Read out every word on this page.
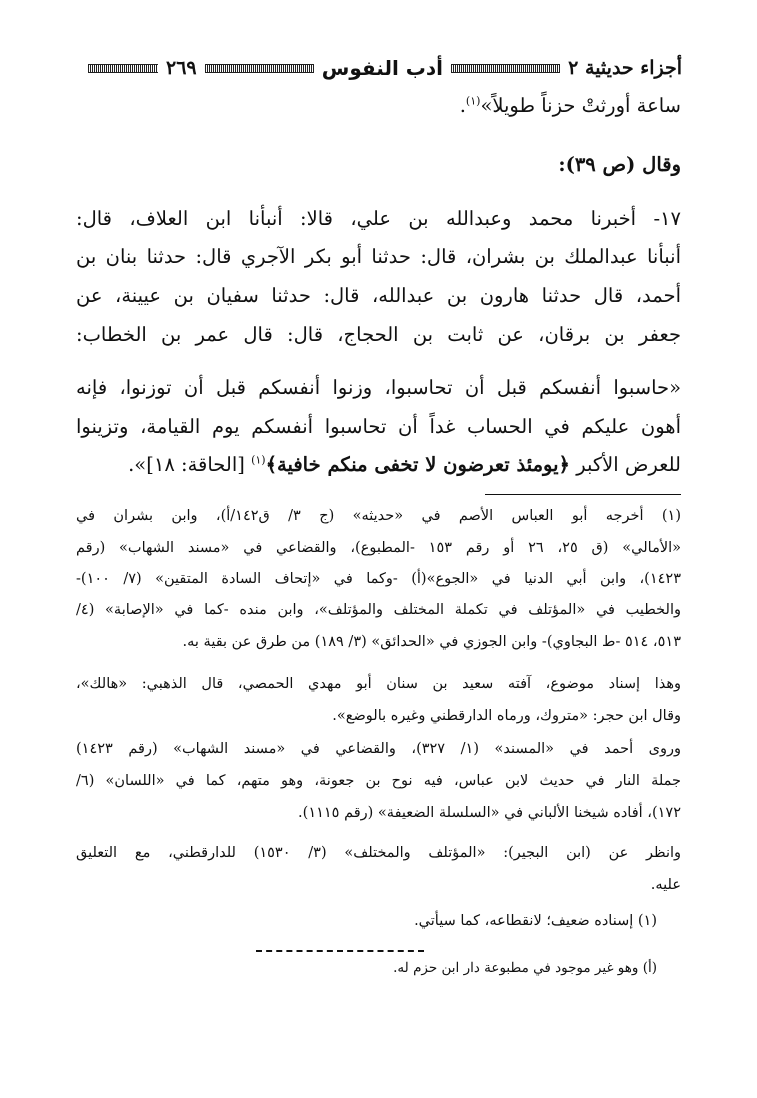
أجزاء حديثية ٢
أدب النفوس
٢٦٩
ساعة أورثتْ حزناً طويلاً»$^{(١)}$.
وقال (ص ٣٩):
١٧- أخبرنا محمد وعبدالله بن علي، قالا: أنبأنا ابن العلاف، قال:
أنبأنا عبدالملك بن بشران، قال: حدثنا أبو بكر الآجري قال: حدثنا بنان بن
أحمد، قال حدثنا هارون بن عبدالله، قال: حدثنا سفيان بن عيينة، عن
جعفر بن برقان، عن ثابت بن الحجاج، قال: قال عمر بن الخطاب:
«حاسبوا أنفسكم قبل أن تحاسبوا، وزنوا أنفسكم قبل أن توزنوا، فإنه
أهون عليكم في الحساب غداً أن تحاسبوا أنفسكم يوم القيامة، وتزينوا
للعرض الأكبر ﴿يومئذ تعرضون لا تخفى منكم خافية﴾$^{(١)}$ [الحاقة: ١٨]».
(١) أخرجه أبو العباس الأصم في «حديثه» (ج ٣/ ق١٤٢/أ)، وابن بشران في
«الأمالي» (ق ٢٥، ٢٦ أو رقم ١٥٣ -المطبوع)، والقضاعي في «مسند الشهاب» (رقم
١٤٢٣)، وابن أبي الدنيا في «الجوع»(أ) -وكما في «إتحاف السادة المتقين» (٧/ ١٠٠)-
والخطيب في «المؤتلف في تكملة المختلف والمؤتلف»، وابن منده -كما في «الإصابة» (٤/
٥١٣، ٥١٤ -ط البجاوي)- وابن الجوزي في «الحدائق» (٣/ ١٨٩) من طرق عن بقية به.
وهذا إسناد موضوع، آفته سعيد بن سنان أبو مهدي الحمصي، قال الذهبي: «هالك»،
وقال ابن حجر: «متروك، ورماه الدارقطني وغيره بالوضع».
وروى أحمد في «المسند» (١/ ٣٢٧)، والقضاعي في «مسند الشهاب» (رقم ١٤٢٣)
جملة النار في حديث لابن عباس، فيه نوح بن جعونة، وهو متهم، كما في «اللسان» (٦/
١٧٢)، أفاده شيخنا الألباني في «السلسلة الضعيفة» (رقم ١١١٥).
وانظر عن (ابن البجير): «المؤتلف والمختلف» (٣/ ١٥٣٠) للدارقطني، مع التعليق
عليه.
(١) إسناده ضعيف؛ لانقطاعه، كما سيأتي.
(أ) وهو غير موجود في مطبوعة دار ابن حزم له.
